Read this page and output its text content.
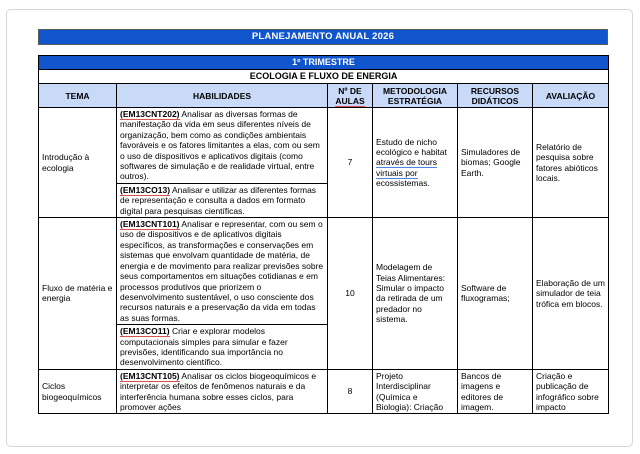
PLANEJAMENTO ANUAL 2026
1º TRIMESTRE					
ECOLOGIA E FLUXO DE ENERGIA					
TEMA	HABILIDADES	Nº DE AULAS	METODOLOGIA ESTRATÉGIA	RECURSOS DIDÁTICOS	AVALIAÇÃO
Introdução à ecologia	(EM13CNT202) Analisar as diversas formas de manifestação da vida em seus diferentes níveis de organização, bem como as condições ambientais favoráveis e os fatores limitantes a elas, com ou sem o uso de dispositivos e aplicativos digitais (como softwares de simulação e de realidade virtual, entre outros).	7	Estudo de nicho ecológico e habitat através de tours virtuais por ecossistemas.	Simuladores de biomas; Google Earth.	Relatório de pesquisa sobre fatores abióticos locais.
	(EM13CO13) Analisar e utilizar as diferentes formas de representação e consulta a dados em formato digital para pesquisas científicas.				
Fluxo de matéria e energia	(EM13CNT101) Analisar e representar, com ou sem o uso de dispositivos e de aplicativos digitais específicos, as transformações e conservações em sistemas que envolvam quantidade de matéria, de energia e de movimento para realizar previsões sobre seus comportamentos em situações cotidianas e em processos produtivos que priorizem o desenvolvimento sustentável, o uso consciente dos recursos naturais e a preservação da vida em todas as suas formas.	10	Modelagem de Teias Alimentares: Simular o impacto da retirada de um predador no sistema.	Software de fluxogramas;	Elaboração de um simulador de teia trófica em blocos.
	(EM13CO11) Criar e explorar modelos computacionais simples para simular e fazer previsões, identificando sua importância no desenvolvimento científico.				
Ciclos biogeoquímicos	(EM13CNT105) Analisar os ciclos biogeoquímicos e interpretar os efeitos de fenômenos naturais e da interferência humana sobre esses ciclos, para promover ações	8	Projeto Interdisciplinar (Química e Biologia): Criação	Bancos de imagens e editores de imagem.	Criação e publicação de infográfico sobre impacto
